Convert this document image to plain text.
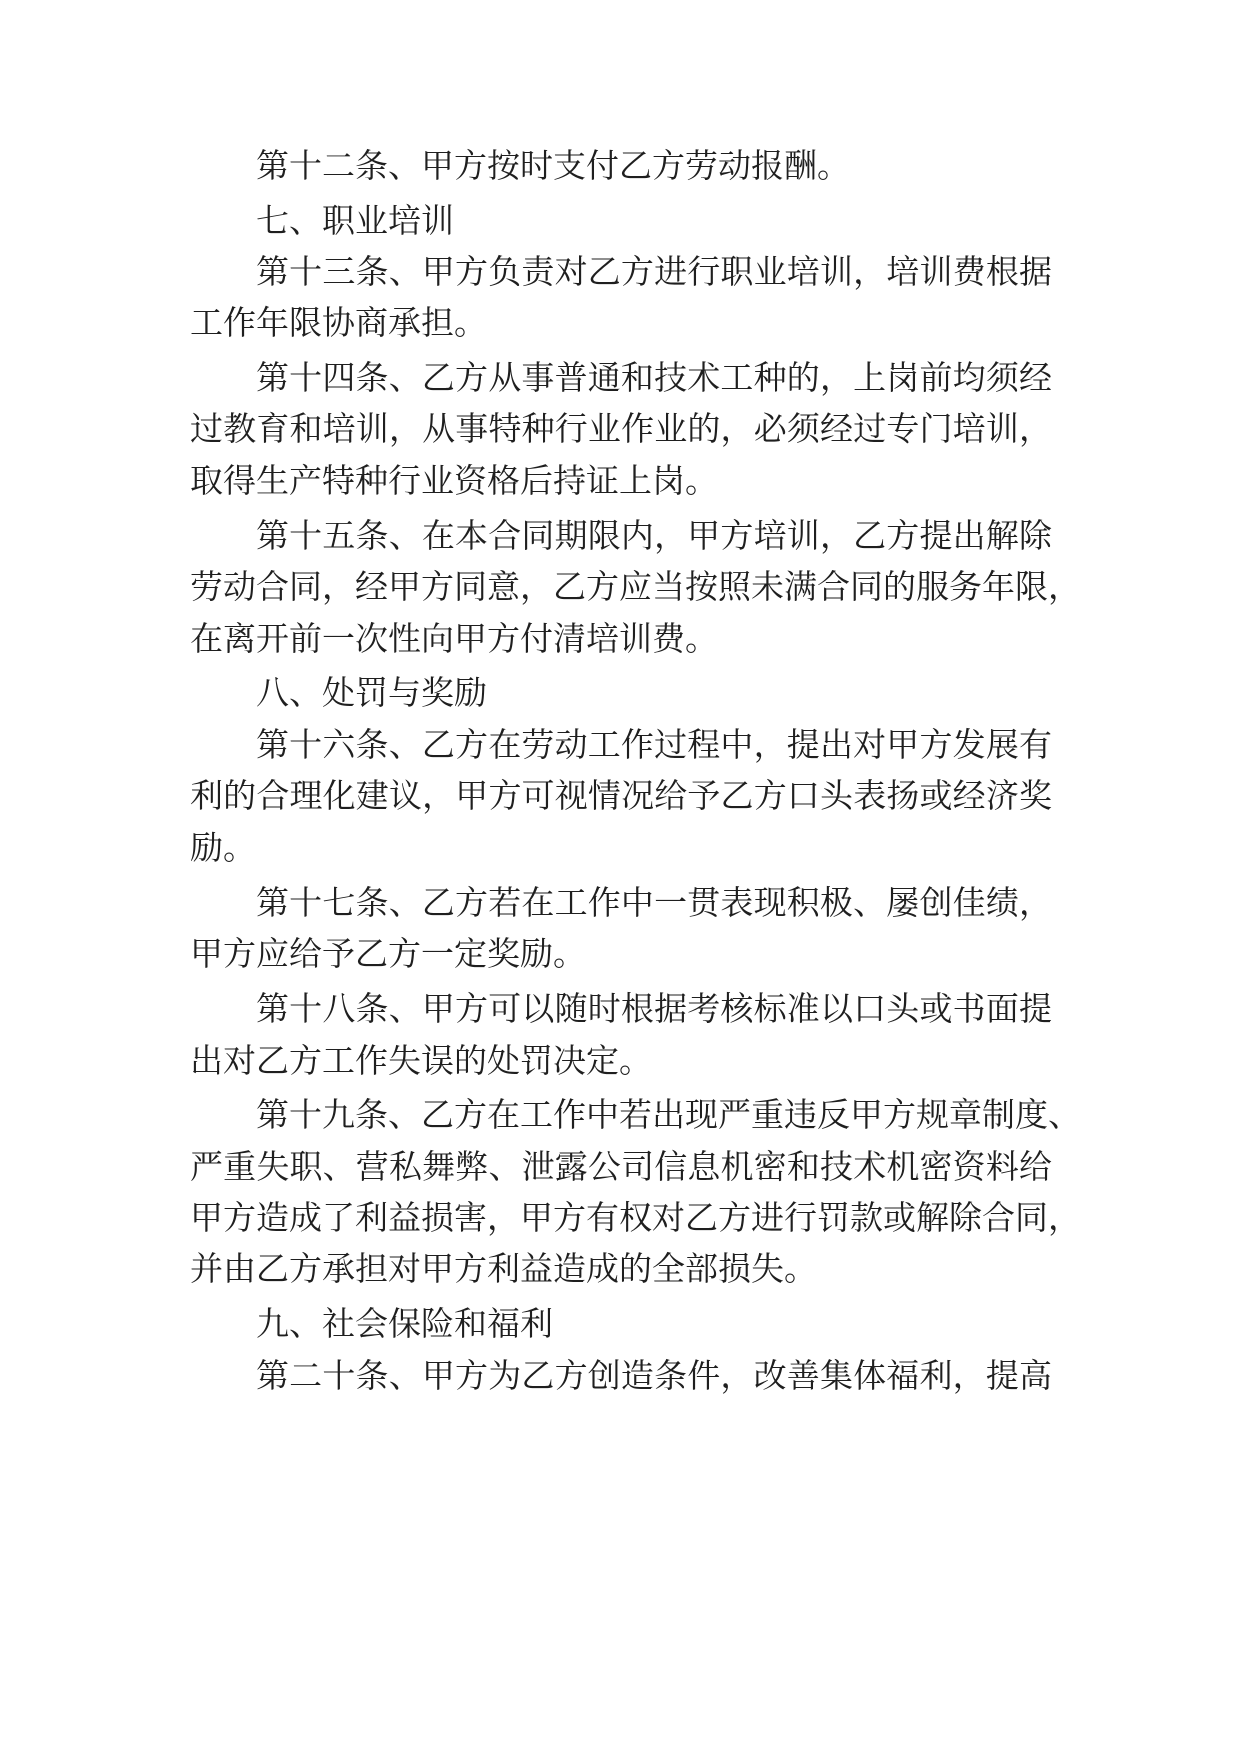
第十二条、甲方按时支付乙方劳动报酬。
七、职业培训
第十三条、甲方负责对乙方进行职业培训，培训费根据
工作年限协商承担。
第十四条、乙方从事普通和技术工种的，上岗前均须经
过教育和培训，从事特种行业作业的，必须经过专门培训，
取得生产特种行业资格后持证上岗。
第十五条、在本合同期限内，甲方培训，乙方提出解除
劳动合同，经甲方同意，乙方应当按照未满合同的服务年限，
在离开前一次性向甲方付清培训费。
八、处罚与奖励
第十六条、乙方在劳动工作过程中，提出对甲方发展有
利的合理化建议，甲方可视情况给予乙方口头表扬或经济奖
励。
第十七条、乙方若在工作中一贯表现积极、屡创佳绩，
甲方应给予乙方一定奖励。
第十八条、甲方可以随时根据考核标准以口头或书面提
出对乙方工作失误的处罚决定。
第十九条、乙方在工作中若出现严重违反甲方规章制度、
严重失职、营私舞弊、泄露公司信息机密和技术机密资料给
甲方造成了利益损害，甲方有权对乙方进行罚款或解除合同，
并由乙方承担对甲方利益造成的全部损失。
九、社会保险和福利
第二十条、甲方为乙方创造条件，改善集体福利，提高
